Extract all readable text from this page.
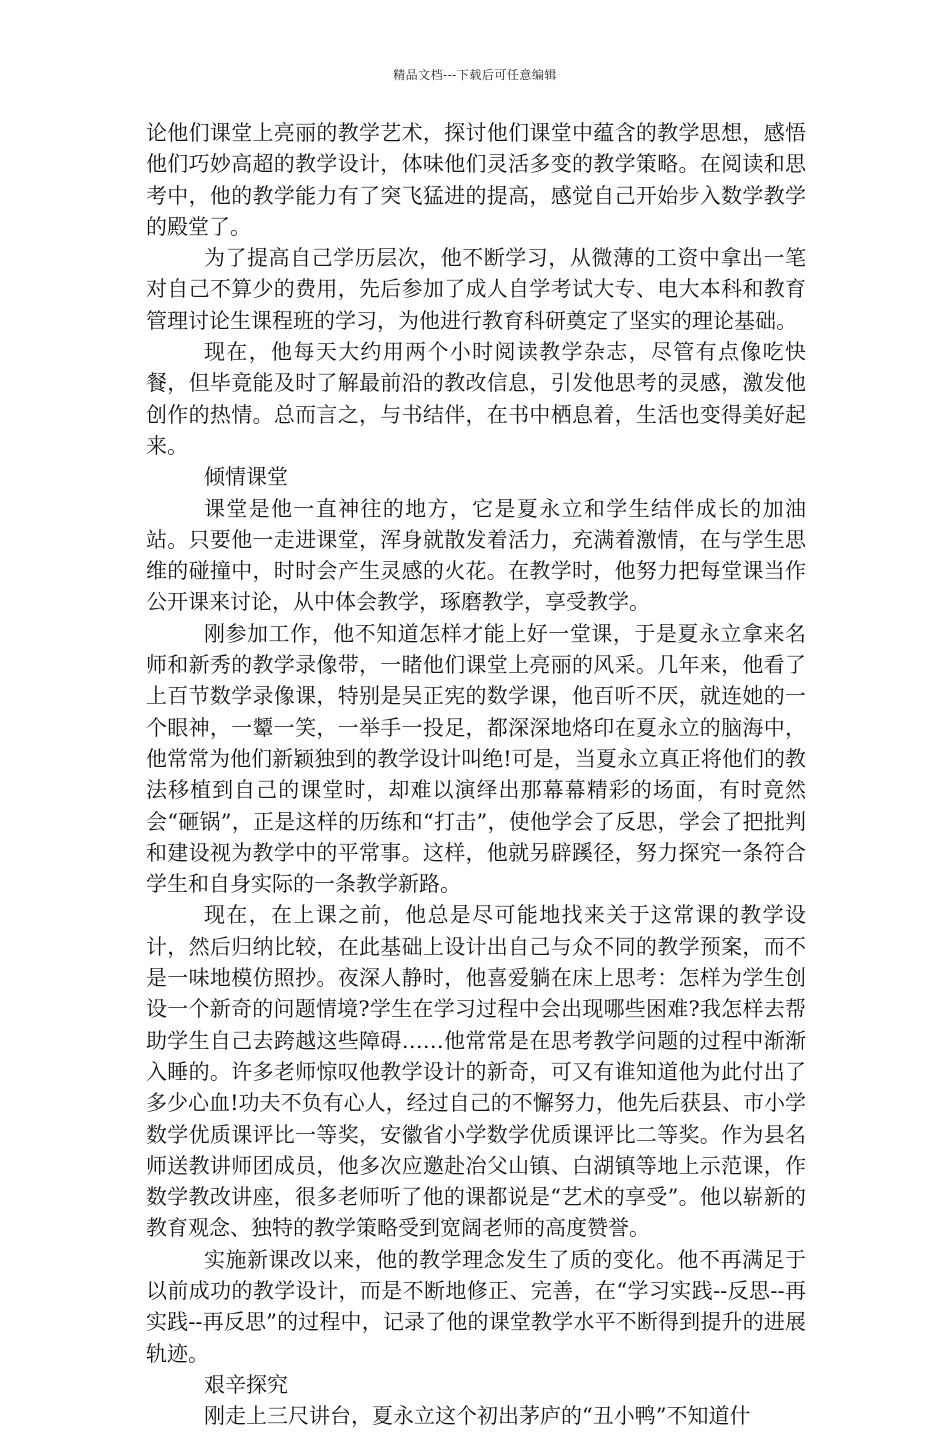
精品文档---下载后可任意编辑

论他们课堂上亮丽的教学艺术，探讨他们课堂中蕴含的教学思想，感悟他们巧妙高超的教学设计，体味他们灵活多变的教学策略。在阅读和思考中，他的教学能力有了突飞猛进的提高，感觉自己开始步入数学教学的殿堂了。

为了提高自己学历层次，他不断学习，从微薄的工资中拿出一笔对自己不算少的费用，先后参加了成人自学考试大专、电大本科和教育管理讨论生课程班的学习，为他进行教育科研奠定了坚实的理论基础。

现在，他每天大约用两个小时阅读教学杂志，尽管有点像吃快餐，但毕竟能及时了解最前沿的教改信息，引发他思考的灵感，激发他创作的热情。总而言之，与书结伴，在书中栖息着，生活也变得美好起来。

倾情课堂

课堂是他一直神往的地方，它是夏永立和学生结伴成长的加油站。只要他一走进课堂，浑身就散发着活力，充满着激情，在与学生思维的碰撞中，时时会产生灵感的火花。在教学时，他努力把每堂课当作公开课来讨论，从中体会教学，琢磨教学，享受教学。

刚参加工作，他不知道怎样才能上好一堂课，于是夏永立拿来名师和新秀的教学录像带，一睹他们课堂上亮丽的风采。几年来，他看了上百节数学录像课，特别是吴正宪的数学课，他百听不厌，就连她的一个眼神，一颦一笑，一举手一投足，都深深地烙印在夏永立的脑海中，他常常为他们新颖独到的教学设计叫绝!可是，当夏永立真正将他们的教法移植到自己的课堂时，却难以演绎出那幕幕精彩的场面，有时竟然会“砸锅”，正是这样的历练和“打击”，使他学会了反思，学会了把批判和建设视为教学中的平常事。这样，他就另辟蹊径，努力探究一条符合学生和自身实际的一条教学新路。

现在，在上课之前，他总是尽可能地找来关于这常课的教学设计，然后归纳比较，在此基础上设计出自己与众不同的教学预案，而不是一味地模仿照抄。夜深人静时，他喜爱躺在床上思考：怎样为学生创设一个新奇的问题情境?学生在学习过程中会出现哪些困难?我怎样去帮助学生自己去跨越这些障碍……他常常是在思考教学问题的过程中渐渐入睡的。许多老师惊叹他教学设计的新奇，可又有谁知道他为此付出了多少心血!功夫不负有心人，经过自己的不懈努力，他先后获县、市小学数学优质课评比一等奖，安徽省小学数学优质课评比二等奖。作为县名师送教讲师团成员，他多次应邀赴冶父山镇、白湖镇等地上示范课，作数学教改讲座，很多老师听了他的课都说是“艺术的享受”。他以崭新的教育观念、独特的教学策略受到宽阔老师的高度赞誉。

实施新课改以来，他的教学理念发生了质的变化。他不再满足于以前成功的教学设计，而是不断地修正、完善，在“学习实践--反思--再实践--再反思”的过程中，记录了他的课堂教学水平不断得到提升的进展轨迹。

艰辛探究

刚走上三尺讲台，夏永立这个初出茅庐的“丑小鸭”不知道什
